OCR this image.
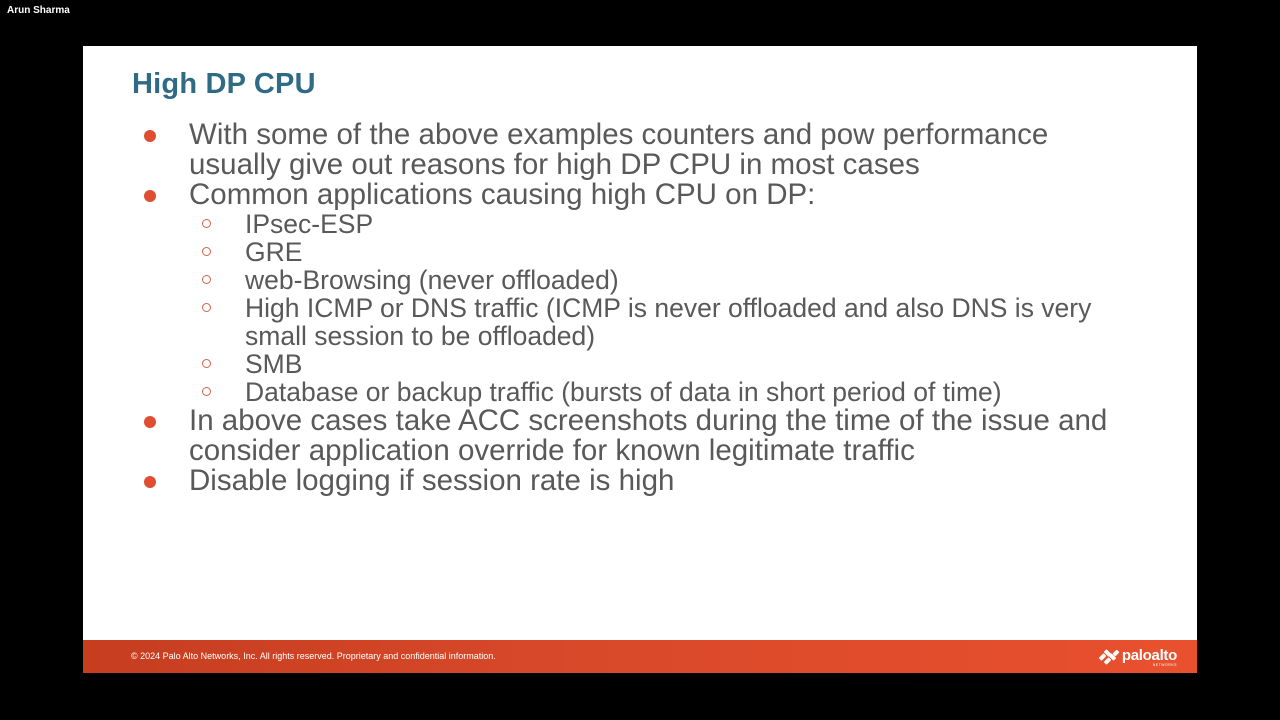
Arun Sharma
High DP CPU
With some of the above examples counters and pow performance usually give out reasons for high DP CPU in most cases
Common applications causing high CPU on DP:
IPsec-ESP
GRE
web-Browsing (never offloaded)
High ICMP or DNS traffic (ICMP is never offloaded and also DNS is very small session to be offloaded)
SMB
Database or backup traffic (bursts of data in short period of time)
In above cases take ACC screenshots during the time of the issue and consider application override for known legitimate traffic
Disable logging if session rate is high
© 2024 Palo Alto Networks, Inc. All rights reserved. Proprietary and confidential information.	paloalto
NETWORKS
